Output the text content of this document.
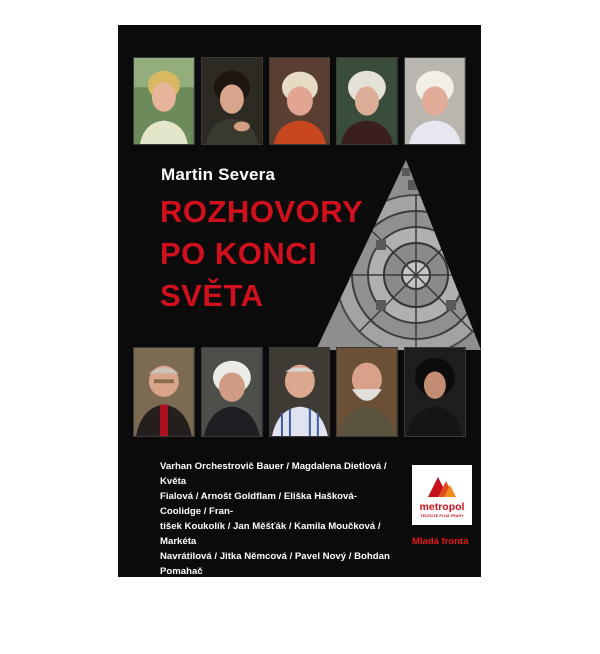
Martin Severa
ROZHOVORY
PO KONCI
SVĚTA
Varhan Orchestrovič Bauer / Magdalena Dietlová / Květa
Fialová / Arnošt Goldflam / Eliška Hašková-Coolidge / Fran-
tišek Koukolík / Jan Měšťák / Kamila Moučková / Markéta
Navrátilová / Jitka Němcová / Pavel Nový / Bohdan Pomahač
Yvonne Přenosilová / Štěpán Rak / Jiří Sliva / Felix Slová-
ček / Jiří Suchý / Helena Suková / Karel Štědrý / Jana Ště-
pánková / Miroslav Vitouš / Jan Vodňanský
metropol
TELEVIZE PLNÁ PRAHY
Mladá fronta
